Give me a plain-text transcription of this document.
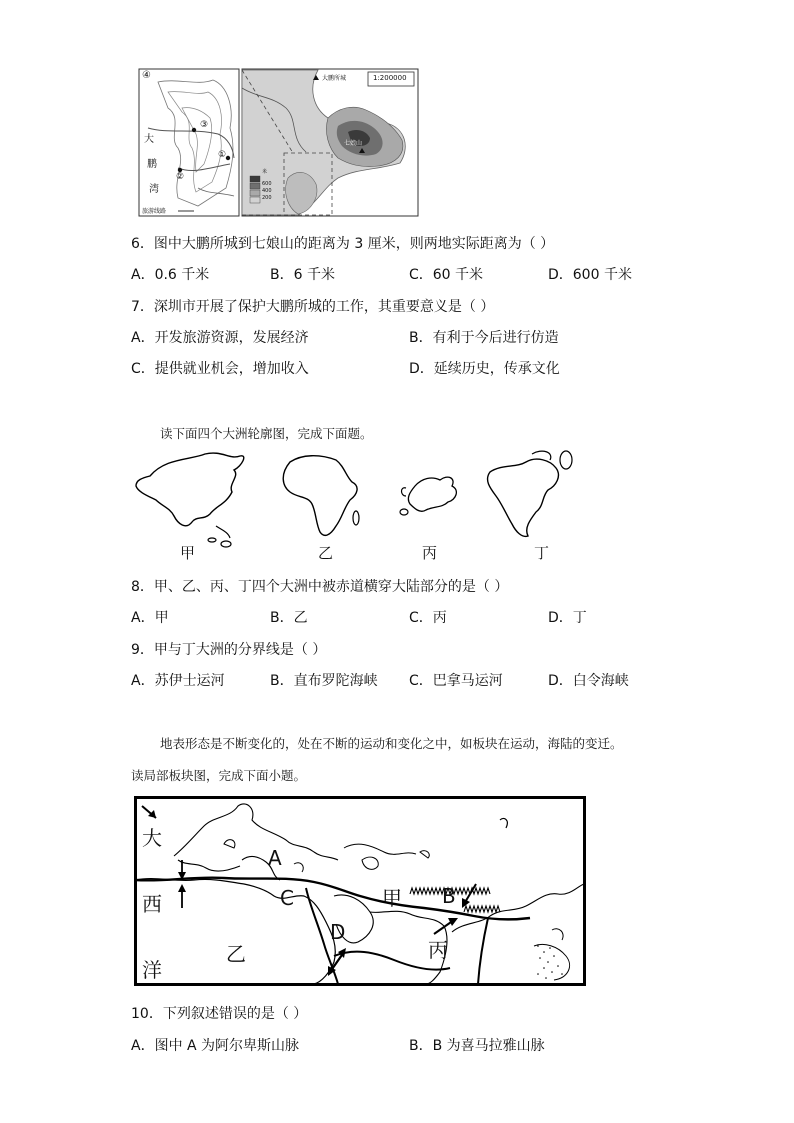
④
大
鹏
湾
③
①
②
旅游线路
1:200000
大鹏所城
七娘山
米
600
400
200
6．图中大鹏所城到七娘山的距离为 3 厘米，则两地实际距离为（ ）
A．0.6 千米	B．6 千米	C．60 千米	D．600 千米
7．深圳市开展了保护大鹏所城的工作，其重要意义是（ ）
A．开发旅游资源，发展经济	B．有利于今后进行仿造
C．提供就业机会，增加收入	D．延续历史，传承文化
读下面四个大洲轮廓图，完成下面题。
甲	乙	丙	丁
8．甲、乙、丙、丁四个大洲中被赤道横穿大陆部分的是（ ）
A．甲	B．乙	C．丙	D．丁
9．甲与丁大洲的分界线是（ ）
A．苏伊士运河	B．直布罗陀海峡 C．巴拿马运河	D．白令海峡
地表形态是不断变化的，处在不断的运动和变化之中，如板块在运动，海陆的变迁。
读局部板块图，完成下面小题。
大
西
洋
甲
乙	丙
A
B
C
D
10．下列叙述错误的是（ ）
A．图中 A 为阿尔卑斯山脉	B．B 为喜马拉雅山脉
